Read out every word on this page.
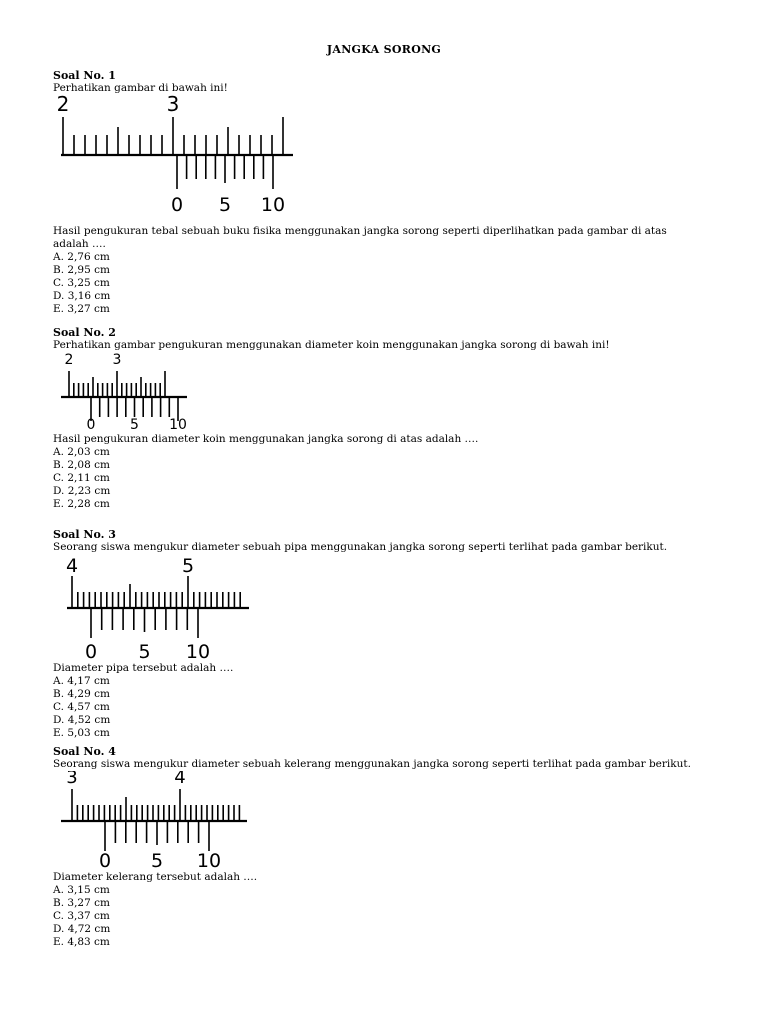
JANGKA SORONG
Soal No. 1
Perhatikan gambar di bawah ini!
2	3
0 5 10
Hasil pengukuran tebal sebuah buku fisika menggunakan jangka sorong seperti diperlihatkan pada gambar di atas adalah ….
A. 2,76 cm
B. 2,95 cm
C. 3,25 cm
D. 3,16 cm
E. 3,27 cm
Soal No. 2
Perhatikan gambar pengukuran menggunakan diameter koin menggunakan jangka sorong di bawah ini!
2	3
0 5 10
Hasil pengukuran diameter koin menggunakan jangka sorong di atas adalah ….
A. 2,03 cm
B. 2,08 cm
C. 2,11 cm
D. 2,23 cm
E. 2,28 cm
Soal No. 3
Seorang siswa mengukur diameter sebuah pipa menggunakan jangka sorong seperti terlihat pada gambar berikut.
4	5
0 5 10
Diameter pipa tersebut adalah ….
A. 4,17 cm
B. 4,29 cm
C. 4,57 cm
D. 4,52 cm
E. 5,03 cm
Soal No. 4
Seorang siswa mengukur diameter sebuah kelerang menggunakan jangka sorong seperti terlihat pada gambar berikut.
3	4
0 5 10
Diameter kelerang tersebut adalah ….
A. 3,15 cm
B. 3,27 cm
C. 3,37 cm
D. 4,72 cm
E. 4,83 cm
